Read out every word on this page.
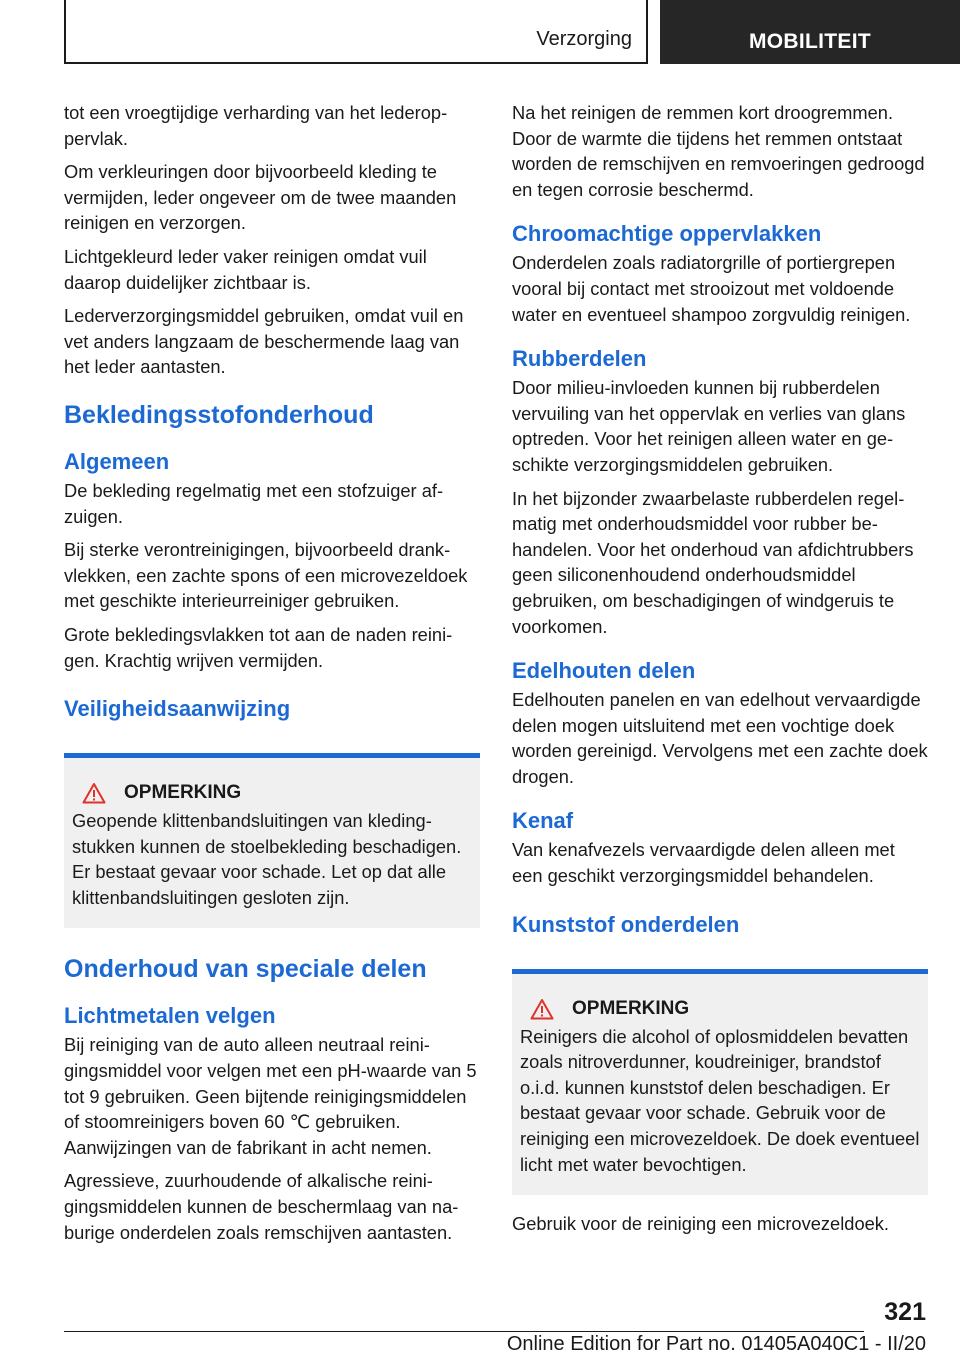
Verzorging	MOBILITEIT

tot een vroegtijdige verharding van het lederoppervlak.

Om verkleuringen door bijvoorbeeld kleding te vermijden, leder ongeveer om de twee maanden reinigen en verzorgen.

Lichtgekleurd leder vaker reinigen omdat vuil daarop duidelijker zichtbaar is.

Lederverzorgingsmiddel gebruiken, omdat vuil en vet anders langzaam de beschermende laag van het leder aantasten.

Bekledingsstofonderhoud
Algemeen

De bekleding regelmatig met een stofzuiger afzuigen.

Bij sterke verontreinigingen, bijvoorbeeld drankvlekken, een zachte spons of een microvezeldoek met geschikte interieurreiniger gebruiken.

Grote bekledingsvlakken tot aan de naden reinigen. Krachtig wrijven vermijden.

Veiligheidsaanwijzing
OPMERKING

Geopende klittenbandsluitingen van kledingstukken kunnen de stoelbekleding beschadigen. Er bestaat gevaar voor schade. Let op dat alle klittenbandsluitingen gesloten zijn.

Onderhoud van speciale delen
Lichtmetalen velgen

Bij reiniging van de auto alleen neutraal reinigingsmiddel voor velgen met een pH-waarde van 5 tot 9 gebruiken. Geen bijtende reinigingsmiddelen of stoomreinigers boven 60 ℃ gebruiken. Aanwijzingen van de fabrikant in acht nemen.

Agressieve, zuurhoudende of alkalische reinigingsmiddelen kunnen de beschermlaag van naburige onderdelen zoals remschijven aantasten.

Na het reinigen de remmen kort droogremmen. Door de warmte die tijdens het remmen ontstaat worden de remschijven en remvoeringen gedroogd en tegen corrosie beschermd.

Chroomachtige oppervlakken

Onderdelen zoals radiatorgrille of portiergrepen vooral bij contact met strooizout met voldoende water en eventueel shampoo zorgvuldig reinigen.

Rubberdelen

Door milieu-invloeden kunnen bij rubberdelen vervuiling van het oppervlak en verlies van glans optreden. Voor het reinigen alleen water en geschikte verzorgingsmiddelen gebruiken.

In het bijzonder zwaarbelaste rubberdelen regelmatig met onderhoudsmiddel voor rubber behandelen. Voor het onderhoud van afdichtrubbers geen siliconenhoudend onderhoudsmiddel gebruiken, om beschadigingen of windgeruis te voorkomen.

Edelhouten delen

Edelhouten panelen en van edelhout vervaardigde delen mogen uitsluitend met een vochtige doek worden gereinigd. Vervolgens met een zachte doek drogen.

Kenaf

Van kenafvezels vervaardigde delen alleen met een geschikt verzorgingsmiddel behandelen.

Kunststof onderdelen
OPMERKING

Reinigers die alcohol of oplosmiddelen bevatten zoals nitroverdunner, koudreiniger, brandstof o.i.d. kunnen kunststof delen beschadigen. Er bestaat gevaar voor schade. Gebruik voor de reiniging een microvezeldoek. De doek eventueel licht met water bevochtigen.

Gebruik voor de reiniging een microvezeldoek.

321
Online Edition for Part no. 01405A040C1 - II/20
